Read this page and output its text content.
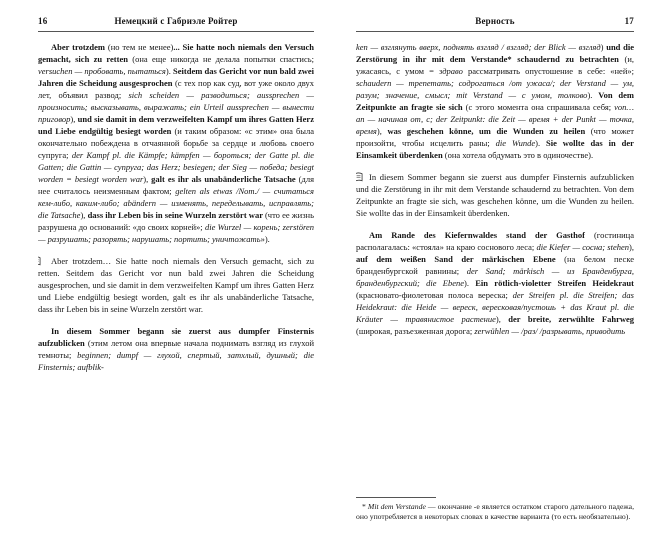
16	Немецкий с Габриэле Ройтер

Aber trotzdem (но тем не менее)... Sie hatte noch niemals den Versuch gemacht, sich zu retten (она еще никогда не делала попытки спастись; versuchen — пробовать, пытаться). Seitdem das Gericht vor nun bald zwei Jahren die Scheidung ausgesprochen (с тех пор как суд, вот уже около двух лет, объявил развод; sich scheiden — разводиться; aussprechen — произносить; высказывать, выражать; ein Urteil aussprechen — вынести приговор), und sie damit in dem verzweifelten Kampf um ihres Gatten Herz und Liebe endgültig besiegt worden (и таким образом: «с этим» она была окончательно побеждена в отчаянной борьбе за сердце и любовь своего супруга; der Kampf pl. die Kämpfe; kämpfen — бороться; der Gatte pl. die Gatten; die Gattin — супруга; das Herz; besiegen; der Sieg — победа; besiegt worden = besiegt worden war), galt es ihr als unabänderliche Tatsache (для нее считалось неизменным фактом; gelten als etwas /Nom./ — считаться кем-либо, каким-либо; abändern — изменять, переделывать, исправлять; die Tatsache), dass ihr Leben bis in seine Wurzeln zerstört war (что ее жизнь разрушена до оснований: «до своих корней»; die Wurzel — корень; zerstören — разрушать; разорять; нарушать; портить; уничтожать»).

Aber trotzdem… Sie hatte noch niemals den Versuch gemacht, sich zu retten. Seitdem das Gericht vor nun bald zwei Jahren die Scheidung ausgesprochen, und sie damit in dem verzweifelten Kampf um ihres Gatten Herz und Liebe endgültig besiegt worden, galt es ihr als unabänderliche Tatsache, dass ihr Leben bis in seine Wurzeln zerstört war.

In diesem Sommer begann sie zuerst aus dumpfer Finsternis aufzublicken (этим летом она впервые начала поднимать взгляд из глухой темноты; beginnen; dumpf — глухой, спертый, затхлый, душный; die Finsternis; aufblik-

Верность	17

ken — взглянуть вверх, поднять взгляд / взгляд; der Blick — взгляд) und die Zerstörung in ihr mit dem Verstande* schaudernd zu betrachten (и, ужасаясь, с умом = здраво рассматривать опустошение в себе: «ней»; schaudern — трепетать; содрогаться /от ужаса/; der Verstand — ум, разум; значение, смысл; mit Verstand — с умом, толково). Von dem Zeitpunkte an fragte sie sich (с этого момента она спрашивала себя; von… an — начиная от, с; der Zeitpunkt: die Zeit — время + der Punkt — точка, время), was geschehen könne, um die Wunden zu heilen (что может произойти, чтобы исцелить раны; die Wunde). Sie wollte das in der Einsamkeit überdenken (она хотела обдумать это в одиночестве).

In diesem Sommer begann sie zuerst aus dumpfer Finsternis aufzublicken und die Zerstörung in ihr mit dem Verstande schaudernd zu betrachten. Von dem Zeitpunkte an fragte sie sich, was geschehen könne, um die Wunden zu heilen. Sie wollte das in der Einsamkeit überdenken.

Am Rande des Kiefernwaldes stand der Gasthof (гостиница располагалась: «стояла» на краю соснового леса; die Kiefer — сосна; stehen), auf dem weißen Sand der märkischen Ebene (на белом песке бранденбургской равнины; der Sand; märkisch — из Бранденбурга, бранденбургский; die Ebene). Ein rötlich-violetter Streifen Heidekraut (красновато-фиолетовая полоса вереска; der Streifen pl. die Streifen; das Heidekraut: die Heide — вереск, вересковая/пустошь + das Kraut pl. die Kräuter — травянистое растение), der breite, zerwühlte Fahrweg (широкая, разъезженная дорога; zerwühlen — /раз/ /разрывать, приводить

* Mit dem Verstande — окончание -е является остатком старого дательного падежа, оно употребляется в некоторых словах в качестве варианта (то есть необязательно).
